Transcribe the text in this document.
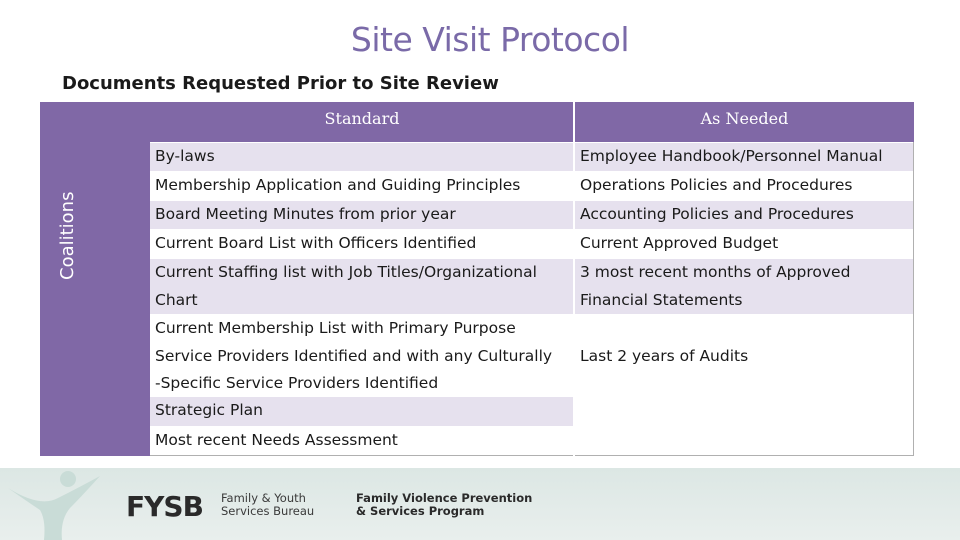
Site Visit Protocol
Documents Requested Prior to Site Review
Coalitions
Standard	As Needed
By-laws
Membership Application and Guiding Principles
Board Meeting Minutes from prior year
Current Board List with Officers Identified
Current Staffing list with Job Titles/Organizational
Chart
Current Membership List with Primary Purpose
Service Providers Identified and with any Culturally
-Specific Service Providers Identified
Strategic Plan
Most recent Needs Assessment
Employee Handbook/Personnel Manual
Operations Policies and Procedures
Accounting Policies and Procedures
Current Approved Budget
3 most recent months of Approved
Financial Statements
Last 2 years of Audits
FYSB Family & Youth
Services Bureau
Family Violence Prevention
& Services Program
